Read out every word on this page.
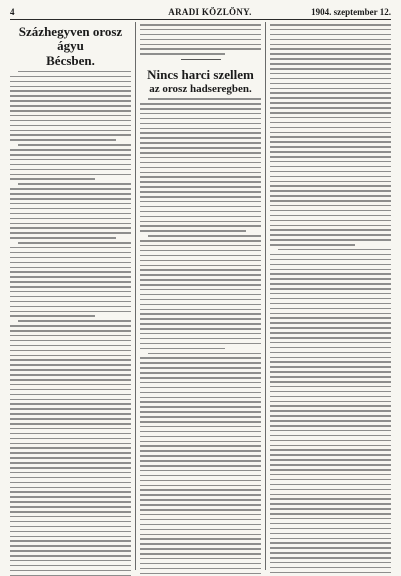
4	ARADI KÖZLÖNY.	1904. szeptember 12.
Százhegyven orosz ágyu
Bécsben.
Nincs harci szellem
az orosz hadseregben.
